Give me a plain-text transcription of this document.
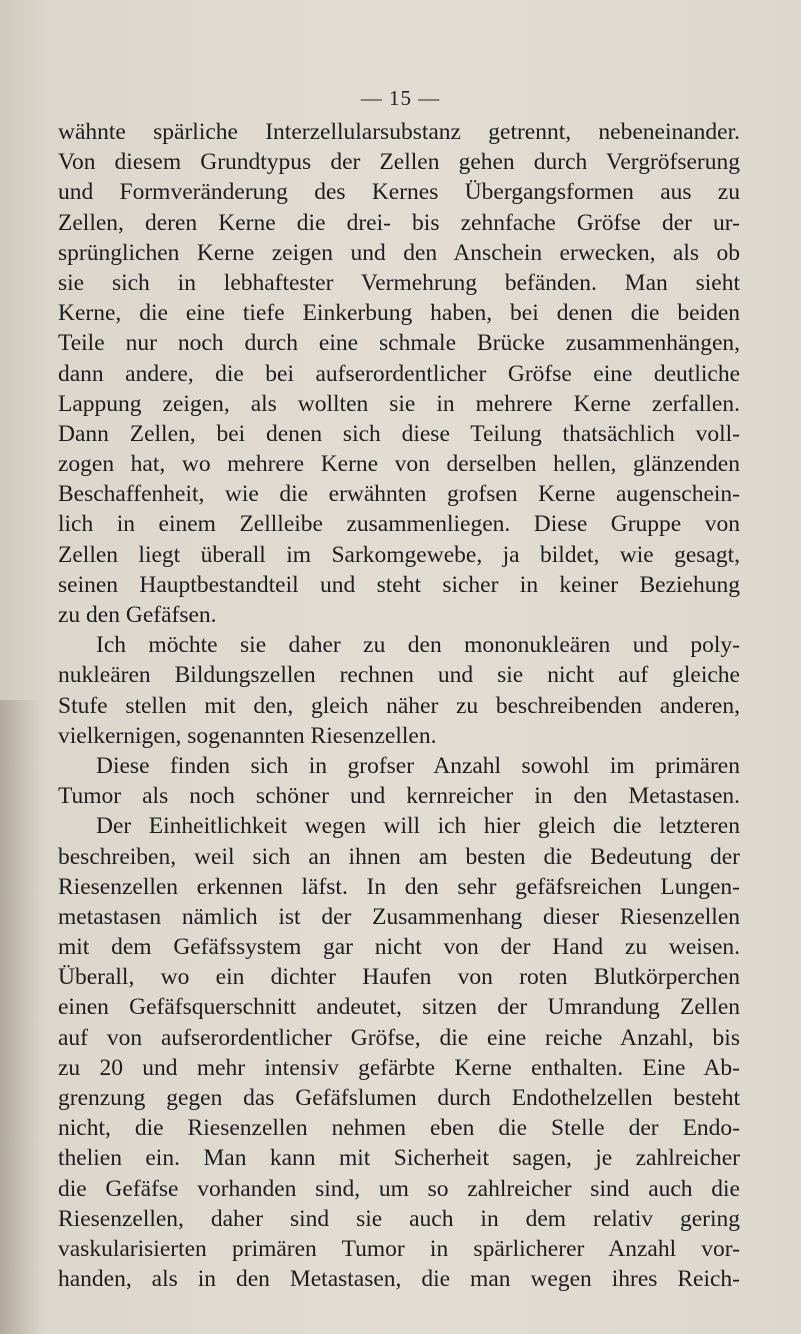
— 15 —
wähnte spärliche Interzellularsubstanz getrennt, nebeneinander.
Von diesem Grundtypus der Zellen gehen durch Vergröfserung
und Formveränderung des Kernes Übergangsformen aus zu
Zellen, deren Kerne die drei- bis zehnfache Gröfse der ur-
sprünglichen Kerne zeigen und den Anschein erwecken, als ob
sie sich in lebhaftester Vermehrung befänden. Man sieht
Kerne, die eine tiefe Einkerbung haben, bei denen die beiden
Teile nur noch durch eine schmale Brücke zusammenhängen,
dann andere, die bei aufserordentlicher Gröfse eine deutliche
Lappung zeigen, als wollten sie in mehrere Kerne zerfallen.
Dann Zellen, bei denen sich diese Teilung thatsächlich voll-
zogen hat, wo mehrere Kerne von derselben hellen, glänzenden
Beschaffenheit, wie die erwähnten grofsen Kerne augenschein-
lich in einem Zellleibe zusammenliegen. Diese Gruppe von
Zellen liegt überall im Sarkomgewebe, ja bildet, wie gesagt,
seinen Hauptbestandteil und steht sicher in keiner Beziehung
zu den Gefäfsen.
Ich möchte sie daher zu den mononukleären und poly-
nukleären Bildungszellen rechnen und sie nicht auf gleiche
Stufe stellen mit den, gleich näher zu beschreibenden anderen,
vielkernigen, sogenannten Riesenzellen.
Diese finden sich in grofser Anzahl sowohl im primären
Tumor als noch schöner und kernreicher in den Metastasen.
Der Einheitlichkeit wegen will ich hier gleich die letzteren
beschreiben, weil sich an ihnen am besten die Bedeutung der
Riesenzellen erkennen läfst. In den sehr gefäfsreichen Lungen-
metastasen nämlich ist der Zusammenhang dieser Riesenzellen
mit dem Gefäfssystem gar nicht von der Hand zu weisen.
Überall, wo ein dichter Haufen von roten Blutkörperchen
einen Gefäfsquerschnitt andeutet, sitzen der Umrandung Zellen
auf von aufserordentlicher Gröfse, die eine reiche Anzahl, bis
zu 20 und mehr intensiv gefärbte Kerne enthalten. Eine Ab-
grenzung gegen das Gefäfslumen durch Endothelzellen besteht
nicht, die Riesenzellen nehmen eben die Stelle der Endo-
thelien ein. Man kann mit Sicherheit sagen, je zahlreicher
die Gefäfse vorhanden sind, um so zahlreicher sind auch die
Riesenzellen, daher sind sie auch in dem relativ gering
vaskularisierten primären Tumor in spärlicherer Anzahl vor-
handen, als in den Metastasen, die man wegen ihres Reich-
